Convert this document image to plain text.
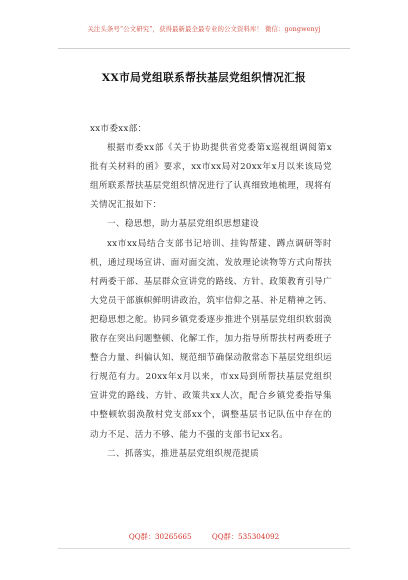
关注头条号“公文研究”，获得最新最全最专业的公文资料库！ 微信：gongwenyj
XX市局党组联系帮扶基层党组织情况汇报

xx市委xx部：

根据市委xx部《关于协助提供省党委第x巡视组调阅第x批有关材料的函》要求，xx市xx局对20xx年x月以来该局党组所联系帮扶基层党组织情况进行了认真细致地梳理，现将有关情况汇报如下：

一、稳思想，助力基层党组织思想建设

xx市xx局结合支部书记培训、挂钩帮建、蹲点调研等时机，通过现场宣讲、面对面交流、发放理论读物等方式向帮扶村两委干部、基层群众宣讲党的路线、方针、政策教育引导广大党员干部旗帜鲜明讲政治，筑牢信仰之基、补足精神之钙、把稳思想之舵。协同乡镇党委逐步推进个别基层党组织软弱涣散存在突出问题整顿、化解工作，加力指导所帮扶村两委班子整合力量、纠偏认知、规范细节确保动散常态下基层党组织运行规范有力。20xx年x月以来，市xx局到所帮扶基层党组织宣讲党的路线、方针、政策共xx人次，配合乡镇党委指导集中整顿软弱涣散村党支部xx个，调整基层书记队伍中存在的动力不足、活力不够、能力不强的支部书记xx名。

二、抓落实，推进基层党组织规范提质

QQ群：30265665	QQ群：535304092
